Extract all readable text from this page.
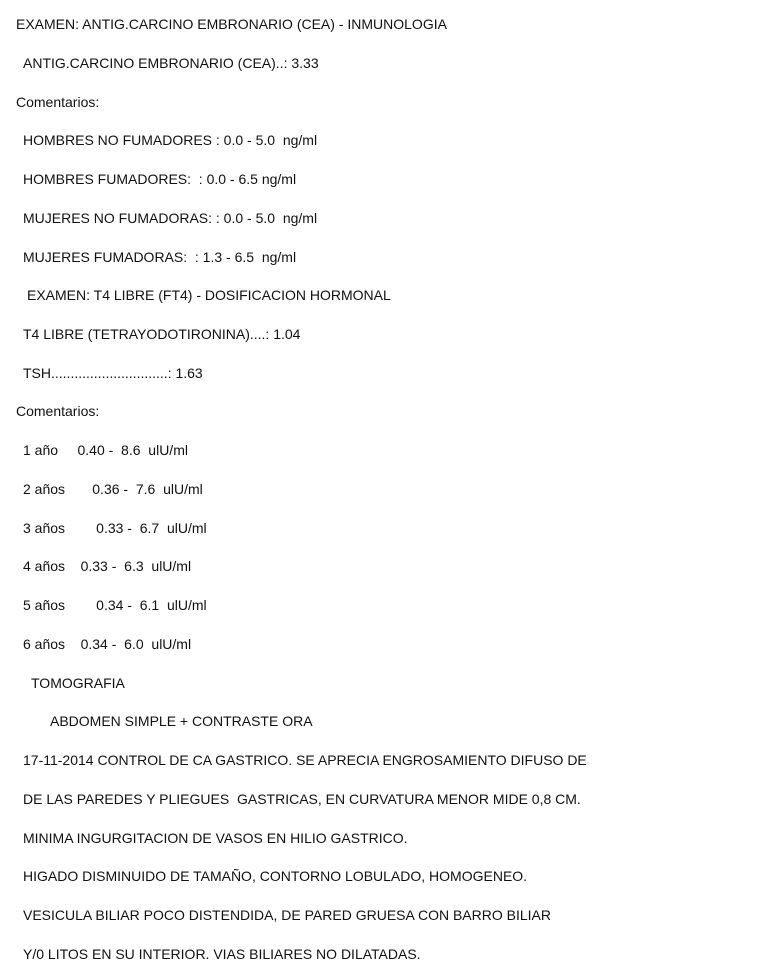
EXAMEN: ANTIG.CARCINO EMBRONARIO (CEA) - INMUNOLOGIA
ANTIG.CARCINO EMBRONARIO (CEA)..: 3.33
Comentarios:
HOMBRES NO FUMADORES : 0.0 - 5.0  ng/ml
HOMBRES FUMADORES:  : 0.0 - 6.5 ng/ml
MUJERES NO FUMADORAS: : 0.0 - 5.0  ng/ml
MUJERES FUMADORAS:  : 1.3 - 6.5  ng/ml
EXAMEN: T4 LIBRE (FT4) - DOSIFICACION HORMONAL
T4 LIBRE (TETRAYODOTIRONINA)....: 1.04
TSH..............................: 1.63
Comentarios:
1 año     0.40 -  8.6  ulU/ml
2 años       0.36 -  7.6  ulU/ml
3 años        0.33 -  6.7  ulU/ml
4 años    0.33 -  6.3  ulU/ml
5 años        0.34 -  6.1  ulU/ml
6 años    0.34 -  6.0  ulU/ml
TOMOGRAFIA
ABDOMEN SIMPLE + CONTRASTE ORA
17-11-2014 CONTROL DE CA GASTRICO. SE APRECIA ENGROSAMIENTO DIFUSO DE
DE LAS PAREDES Y PLIEGUES  GASTRICAS, EN CURVATURA MENOR MIDE 0,8 CM.
MINIMA INGURGITACION DE VASOS EN HILIO GASTRICO.
HIGADO DISMINUIDO DE TAMAÑO, CONTORNO LOBULADO, HOMOGENEO.
VESICULA BILIAR POCO DISTENDIDA, DE PARED GRUESA CON BARRO BILIAR
Y/0 LITOS EN SU INTERIOR. VIAS BILIARES NO DILATADAS.
